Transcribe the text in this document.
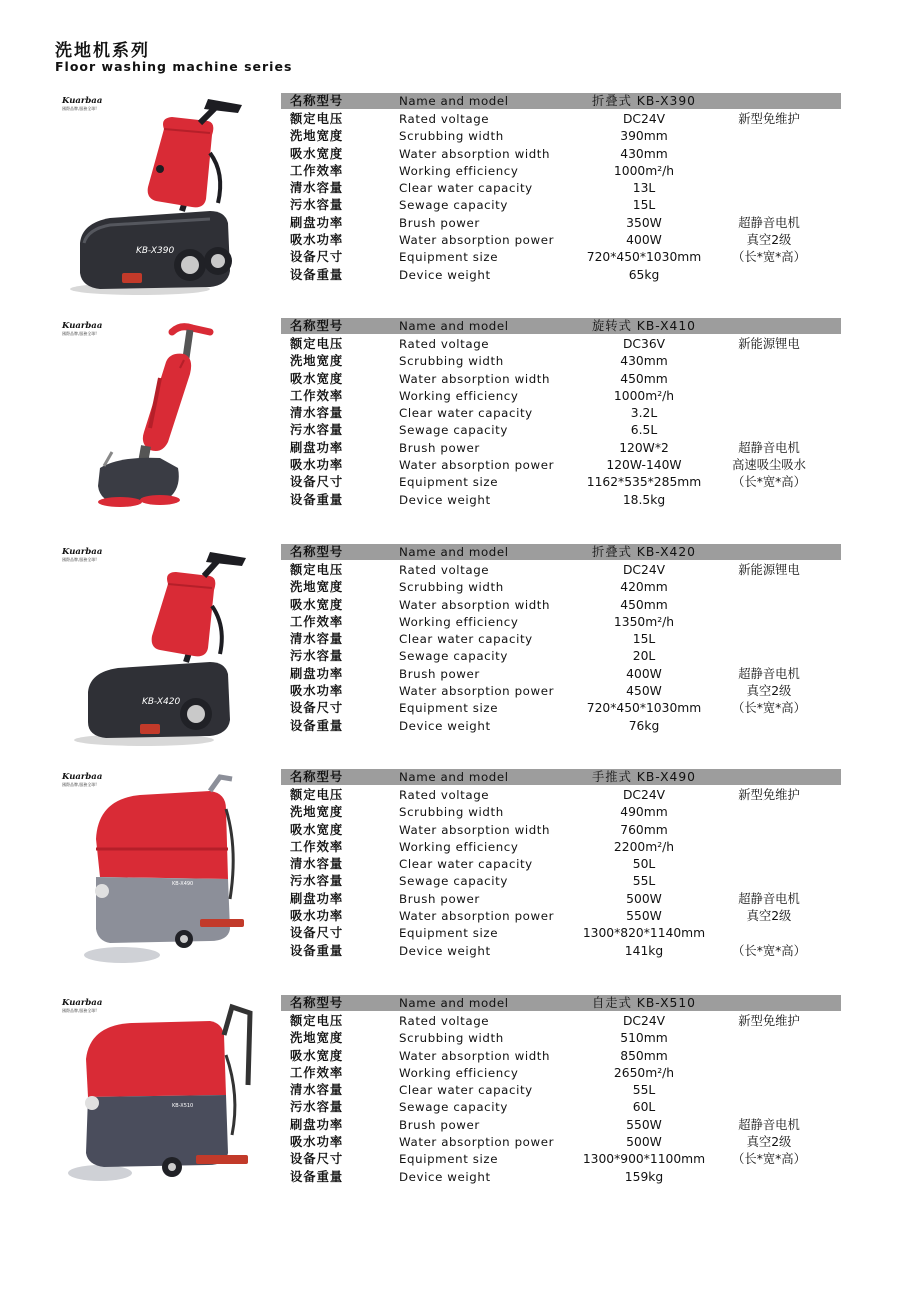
洗地机系列
Floor washing machine series
Kuarbaa
國際品牌,服務全球!
KB-X390
名称型号	Name and model	折叠式 KB-X390
额定电压	Rated voltage	DC24V	新型免维护
洗地宽度	Scrubbing width	390mm
吸水宽度	Water absorption width	430mm
工作效率	Working efficiency	1000m²/h
清水容量	Clear water capacity	13L
污水容量	Sewage capacity	15L
刷盘功率	Brush power	350W	超静音电机
吸水功率	Water absorption power	400W	真空2级
设备尺寸	Equipment size	720*450*1030mm	（长*宽*高）
设备重量	Device weight	65kg
Kuarbaa
國際品牌,服務全球!
名称型号	Name and model	旋转式 KB-X410
额定电压	Rated voltage	DC36V	新能源锂电
洗地宽度	Scrubbing width	430mm
吸水宽度	Water absorption width	450mm
工作效率	Working efficiency	1000m²/h
清水容量	Clear water capacity	3.2L
污水容量	Sewage capacity	6.5L
刷盘功率	Brush power	120W*2	超静音电机
吸水功率	Water absorption power	120W-140W	高速吸尘吸水
设备尺寸	Equipment size	1162*535*285mm	（长*宽*高）
设备重量	Device weight	18.5kg
Kuarbaa
國際品牌,服務全球!
KB-X420
名称型号	Name and model	折叠式 KB-X420
额定电压	Rated voltage	DC24V	新能源锂电
洗地宽度	Scrubbing width	420mm
吸水宽度	Water absorption width	450mm
工作效率	Working efficiency	1350m²/h
清水容量	Clear water capacity	15L
污水容量	Sewage capacity	20L
刷盘功率	Brush power	400W	超静音电机
吸水功率	Water absorption power	450W	真空2级
设备尺寸	Equipment size	720*450*1030mm	（长*宽*高）
设备重量	Device weight	76kg
Kuarbaa
國際品牌,服務全球!
KB-X490
名称型号	Name and model	手推式 KB-X490
额定电压	Rated voltage	DC24V	新型免维护
洗地宽度	Scrubbing width	490mm
吸水宽度	Water absorption width	760mm
工作效率	Working efficiency	2200m²/h
清水容量	Clear water capacity	50L
污水容量	Sewage capacity	55L
刷盘功率	Brush power	500W	超静音电机
吸水功率	Water absorption power	550W	真空2级
设备尺寸	Equipment size	1300*820*1140mm
设备重量	Device weight	141kg	（长*宽*高）
Kuarbaa
國際品牌,服務全球!
KB-X510
名称型号	Name and model	自走式 KB-X510
额定电压	Rated voltage	DC24V	新型免维护
洗地宽度	Scrubbing width	510mm
吸水宽度	Water absorption width	850mm
工作效率	Working efficiency	2650m²/h
清水容量	Clear water capacity	55L
污水容量	Sewage capacity	60L
刷盘功率	Brush power	550W	超静音电机
吸水功率	Water absorption power	500W	真空2级
设备尺寸	Equipment size	1300*900*1100mm	（长*宽*高）
设备重量	Device weight	159kg
